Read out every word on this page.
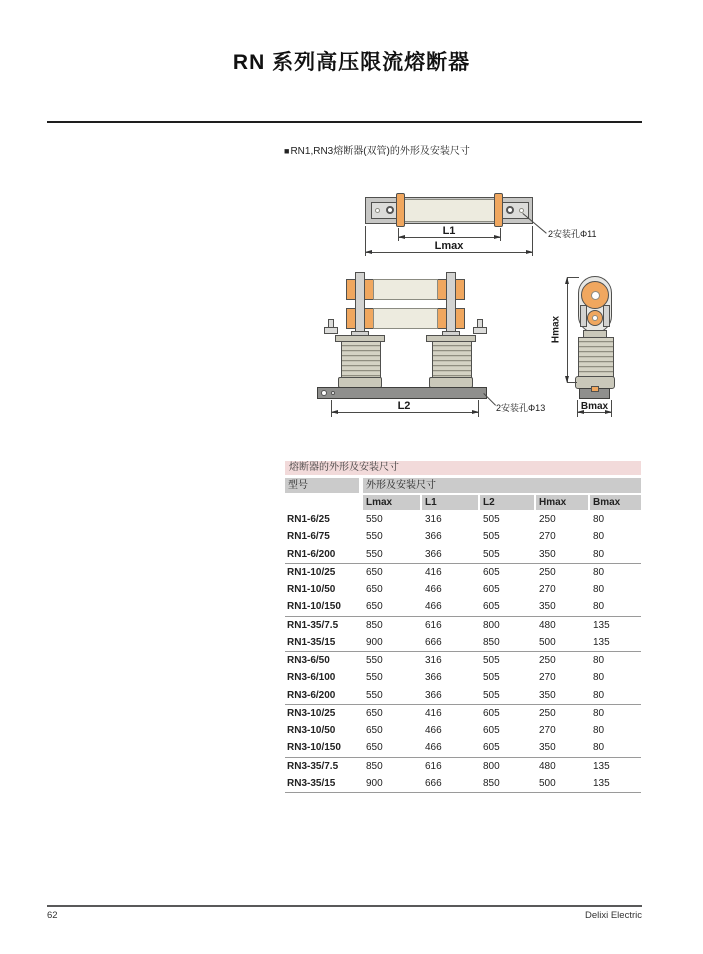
RN 系列高压限流熔断器
■RN1,RN3熔断器(双管)的外形及安装尺寸
L1
Lmax
2安装孔Φ11
L2	2安装孔Φ13
Hmax
Bmax
熔断器的外形及安装尺寸
型号	外形及安装尺寸
Lmax	L1	L2	Hmax	Bmax
RN1-6/25	550	316	505	250	80
RN1-6/75	550	366	505	270	80
RN1-6/200	550	366	505	350	80
RN1-10/25	650	416	605	250	80
RN1-10/50	650	466	605	270	80
RN1-10/150	650	466	605	350	80
RN1-35/7.5	850	616	800	480	135
RN1-35/15	900	666	850	500	135
RN3-6/50	550	316	505	250	80
RN3-6/100	550	366	505	270	80
RN3-6/200	550	366	505	350	80
RN3-10/25	650	416	605	250	80
RN3-10/50	650	466	605	270	80
RN3-10/150	650	466	605	350	80
RN3-35/7.5	850	616	800	480	135
RN3-35/15	900	666	850	500	135
62	Delixi Electric
